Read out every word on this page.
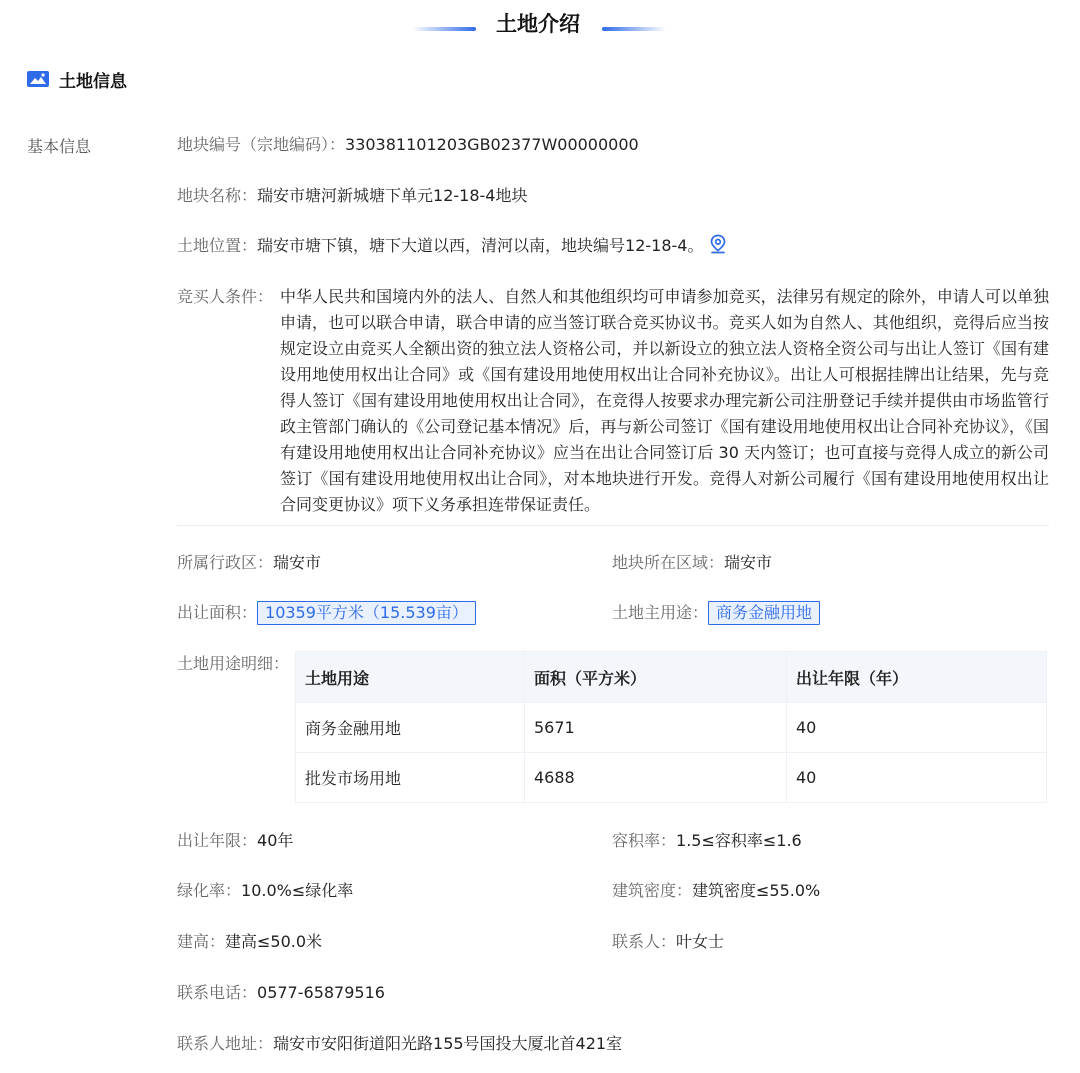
土地介绍
土地信息
基本信息	地块编号（宗地编码）：330381101203GB02377W00000000
地块名称：瑞安市塘河新城塘下单元12-18-4地块
土地位置：瑞安市塘下镇，塘下大道以西，清河以南，地块编号12-18-4。
竞买人条件： 中华人民共和国境内外的法人、自然人和其他组织均可申请参加竞买，法律另有规定的除外，申请人可以单独申请，也可以联合申请，联合申请的应当签订联合竞买协议书。竞买人如为自然人、其他组织，竞得后应当按规定设立由竞买人全额出资的独立法人资格公司，并以新设立的独立法人资格全资公司与出让人签订《国有建设用地使用权出让合同》或《国有建设用地使用权出让合同补充协议》。出让人可根据挂牌出让结果，先与竞得人签订《国有建设用地使用权出让合同》，在竞得人按要求办理完新公司注册登记手续并提供由市场监管行政主管部门确认的《公司登记基本情况》后，再与新公司签订《国有建设用地使用权出让合同补充协议》，《国有建设用地使用权出让合同补充协议》应当在出让合同签订后 30 天内签订；也可直接与竞得人成立的新公司签订《国有建设用地使用权出让合同》，对本地块进行开发。竞得人对新公司履行《国有建设用地使用权出让合同变更协议》项下义务承担连带保证责任。
所属行政区：瑞安市	地块所在区域：瑞安市
出让面积： 10359平方米（15.539亩）	土地主用途： 商务金融用地
土地用途明细：
土地用途	面积（平方米）	出让年限（年）
商务金融用地	5671	40
批发市场用地	4688	40
出让年限：40年	容积率：1.5≤容积率≤1.6
绿化率：10.0%≤绿化率	建筑密度：建筑密度≤55.0%
建高：建高≤50.0米	联系人：叶女士
联系电话：0577-65879516
联系人地址：瑞安市安阳街道阳光路155号国投大厦北首421室
